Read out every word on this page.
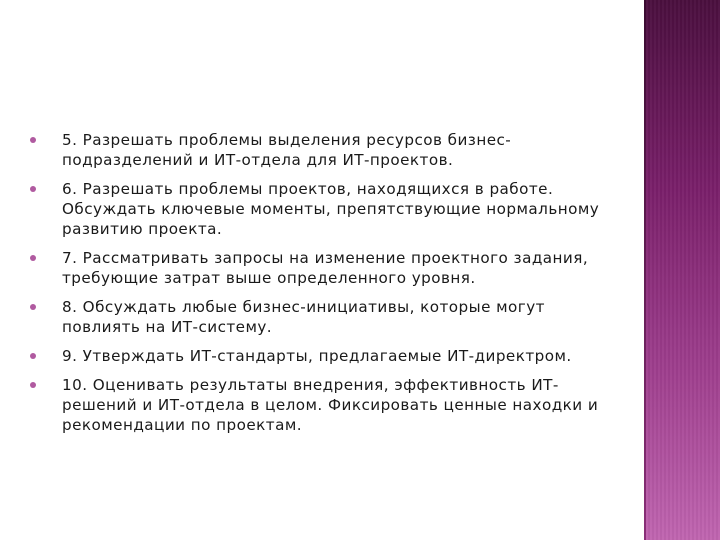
5. Разрешать проблемы выделения ресурсов бизнес-подразделений и ИТ-отдела для ИТ-проектов.
6. Разрешать проблемы проектов, находящихся в работе. Обсуждать ключевые моменты, препятствующие нормальному развитию проекта.
7. Рассматривать запросы на изменение проектного задания, требующие затрат выше определенного уровня.
8. Обсуждать любые бизнес-инициативы, которые могут повлиять на ИТ-систему.
9. Утверждать ИТ-стандарты, предлагаемые ИТ-директром.
10. Оценивать результаты внедрения, эффективность ИТ-решений и ИТ-отдела в целом. Фиксировать ценные находки и рекомендации по проектам.
